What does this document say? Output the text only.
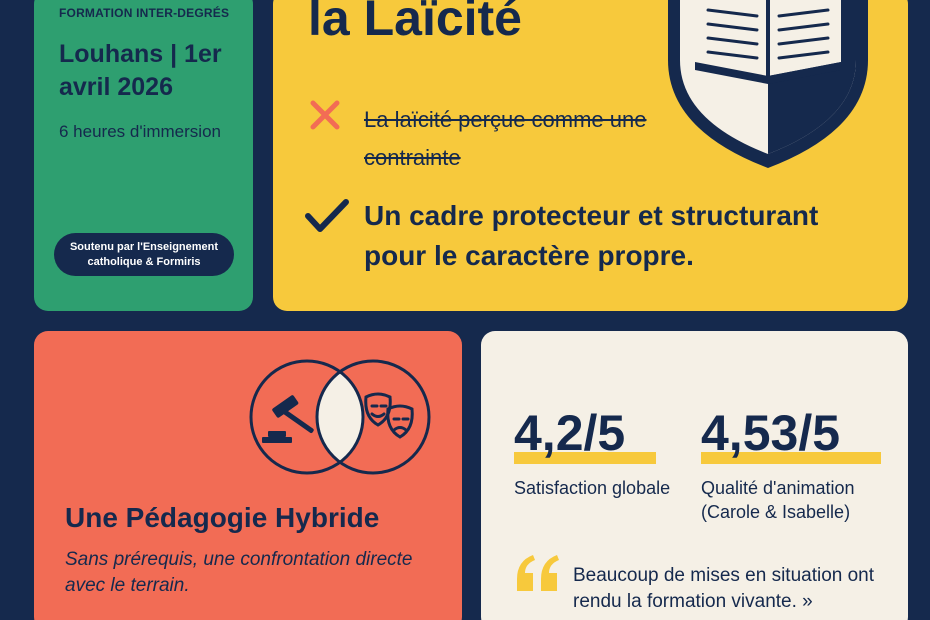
FORMATION INTER-DEGRÉS
Louhans | 1er avril 2026
6 heures d'immersion
Soutenu par l'Enseignement catholique & Formiris
la Laïcité
La laïcité perçue comme une contrainte
Un cadre protecteur et structurant pour le caractère propre.
Une Pédagogie Hybride
Sans prérequis, une confrontation directe avec le terrain.
4,2/5 4,53/5
Satisfaction globale	Qualité d'animation (Carole & Isabelle)
Beaucoup de mises en situation ont rendu la formation vivante. »
